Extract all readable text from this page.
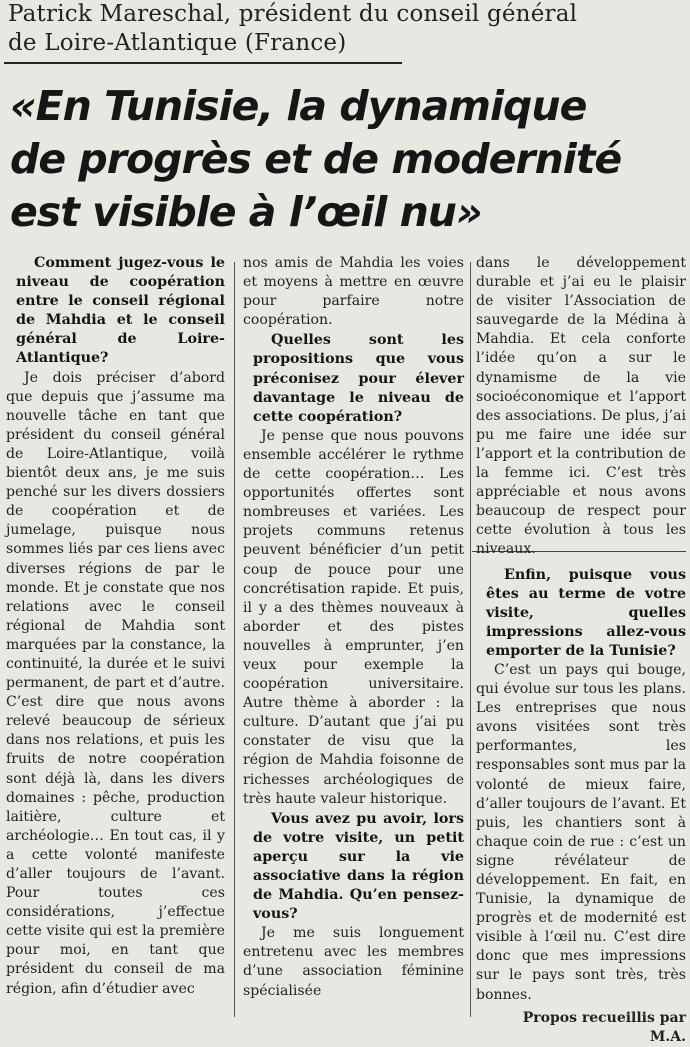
Patrick Mareschal, président du conseil général
de Loire-Atlantique (France)
«En Tunisie, la dynamique
de progrès et de modernité
est visible à l’œil nu»

Comment jugez-vous le niveau de coopération entre le conseil régional de Mahdia et le conseil général de Loire-Atlantique?

Je dois préciser d’abord que depuis que j’assume ma nouvelle tâche en tant que président du conseil général de Loire-Atlantique, voilà bientôt deux ans, je me suis penché sur les divers dossiers de coopération et de jumelage, puisque nous sommes liés par ces liens avec diverses régions de par le monde. Et je constate que nos relations avec le conseil régional de Mahdia sont marquées par la constance, la continuité, la durée et le suivi permanent, de part et d’autre. C’est dire que nous avons relevé beaucoup de sérieux dans nos relations, et puis les fruits de notre coopération sont déjà là, dans les divers domaines : pêche, production laitière, culture et archéologie… En tout cas, il y a cette volonté manifeste d’aller toujours de l’avant. Pour toutes ces considérations, j’effectue cette visite qui est la première pour moi, en tant que président du conseil de ma région, afin d’étudier avec

nos amis de Mahdia les voies et moyens à mettre en œuvre pour parfaire notre coopération.

Quelles sont les propositions que vous préconisez pour élever davantage le niveau de cette coopération?

Je pense que nous pouvons ensemble accélérer le rythme de cette coopération… Les opportunités offertes sont nombreuses et variées. Les projets communs retenus peuvent bénéficier d’un petit coup de pouce pour une concrétisation rapide. Et puis, il y a des thèmes nouveaux à aborder et des pistes nouvelles à emprunter, j’en veux pour exemple la coopération universitaire. Autre thème à aborder : la culture. D’autant que j’ai pu constater de visu que la région de Mahdia foisonne de richesses archéologiques de très haute valeur historique.

Vous avez pu avoir, lors de votre visite, un petit aperçu sur la vie associative dans la région de Mahdia. Qu’en pensez-vous?

Je me suis longuement entretenu avec les membres d’une association féminine spécialisée

dans le développement durable et j’ai eu le plaisir de visiter l’Association de sauvegarde de la Médina à Mahdia. Et cela conforte l’idée qu’on a sur le dynamisme de la vie socioéconomique et l’apport des associations. De plus, j’ai pu me faire une idée sur l’apport et la contribution de la femme ici. C’est très appréciable et nous avons beaucoup de respect pour cette évolution à tous les niveaux.

Enfin, puisque vous êtes au terme de votre visite, quelles impressions allez-vous emporter de la Tunisie?

C’est un pays qui bouge, qui évolue sur tous les plans. Les entreprises que nous avons visitées sont très performantes, les responsables sont mus par la volonté de mieux faire, d’aller toujours de l’avant. Et puis, les chantiers sont à chaque coin de rue : c’est un signe révélateur de développement. En fait, en Tunisie, la dynamique de progrès et de modernité est visible à l’œil nu. C’est dire donc que mes impressions sur le pays sont très, très bonnes.

Propos recueillis par
M.A.
